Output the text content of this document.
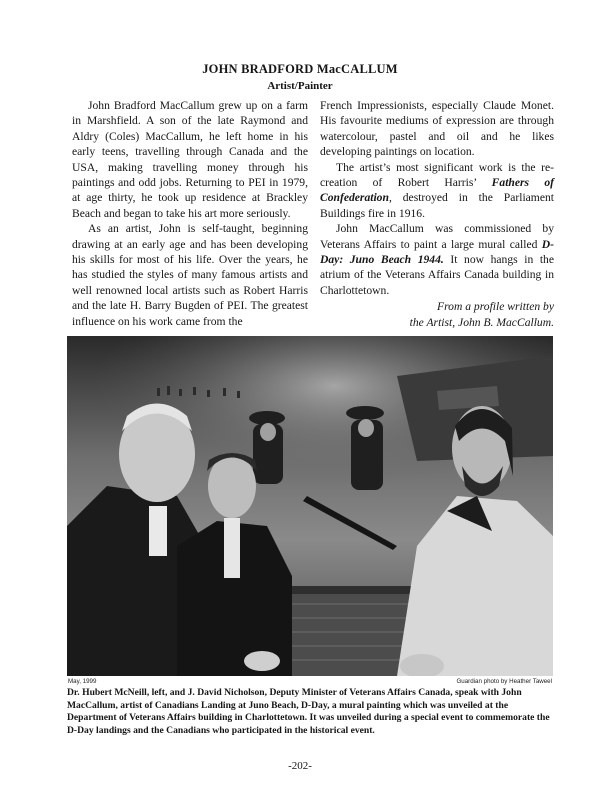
JOHN BRADFORD MacCALLUM
Artist/Painter

John Bradford MacCallum grew up on a farm in Marshfield. A son of the late Raymond and Aldry (Coles) MacCallum, he left home in his early teens, travelling through Canada and the USA, making travelling money through his paintings and odd jobs. Returning to PEI in 1979, at age thirty, he took up residence at Brackley Beach and began to take his art more seriously.

As an artist, John is self-taught, beginning drawing at an early age and has been developing his skills for most of his life. Over the years, he has studied the styles of many famous artists and well renowned local artists such as Robert Harris and the late H. Barry Bugden of PEI. The greatest influence on his work came from the

French Impressionists, especially Claude Monet. His favourite mediums of expression are through watercolour, pastel and oil and he likes developing paintings on location.

The artist’s most significant work is the re-creation of Robert Harris’ Fathers of Confederation, destroyed in the Parliament Buildings fire in 1916.

John MacCallum was commissioned by Veterans Affairs to paint a large mural called D-Day: Juno Beach 1944. It now hangs in the atrium of the Veterans Affairs Canada building in Charlottetown.

From a profile written by
the Artist, John B. MacCallum.
May, 1999	Guardian photo by Heather Taweel
Dr. Hubert McNeill, left, and J. David Nicholson, Deputy Minister of Veterans Affairs Canada, speak with John MacCallum, artist of Canadians Landing at Juno Beach, D-Day, a mural painting which was unveiled at the Department of Veterans Affairs building in Charlottetown. It was unveiled during a special event to commemorate the D-Day landings and the Canadians who participated in the historical event.
-202-
